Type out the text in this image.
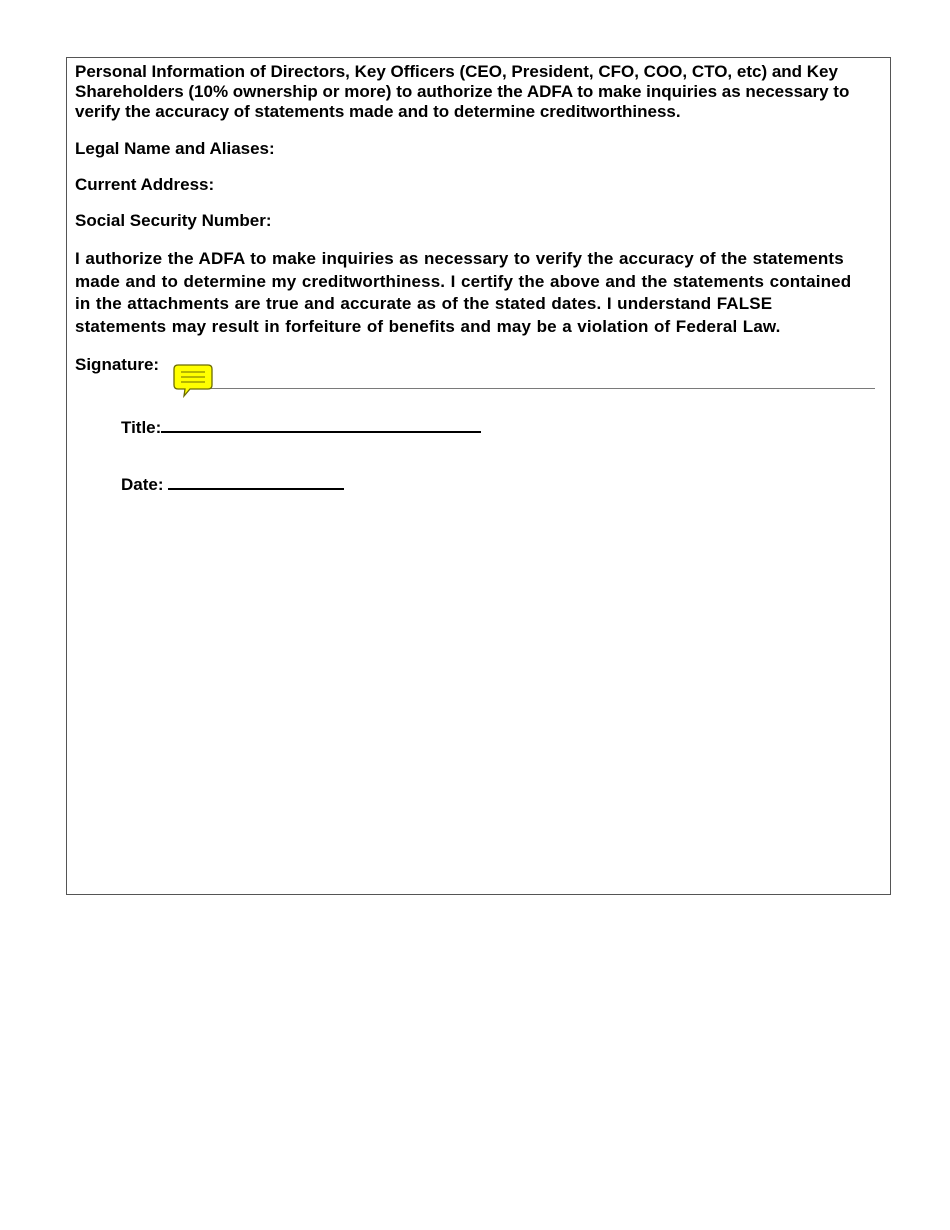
Personal Information of Directors, Key Officers (CEO, President, CFO, COO, CTO, etc) and Key Shareholders (10% ownership or more) to authorize the ADFA to make inquiries as necessary to verify the accuracy of statements made and to determine creditworthiness.

Legal Name and Aliases:

Current Address:

Social Security Number:

I authorize the ADFA to make inquiries as necessary to verify the accuracy of the statements
made and to determine my creditworthiness. I certify the above and the statements contained
in the attachments are true and accurate as of the stated dates. I understand FALSE
statements may result in forfeiture of benefits and may be a violation of Federal Law.

Signature:

Title:

Date:
